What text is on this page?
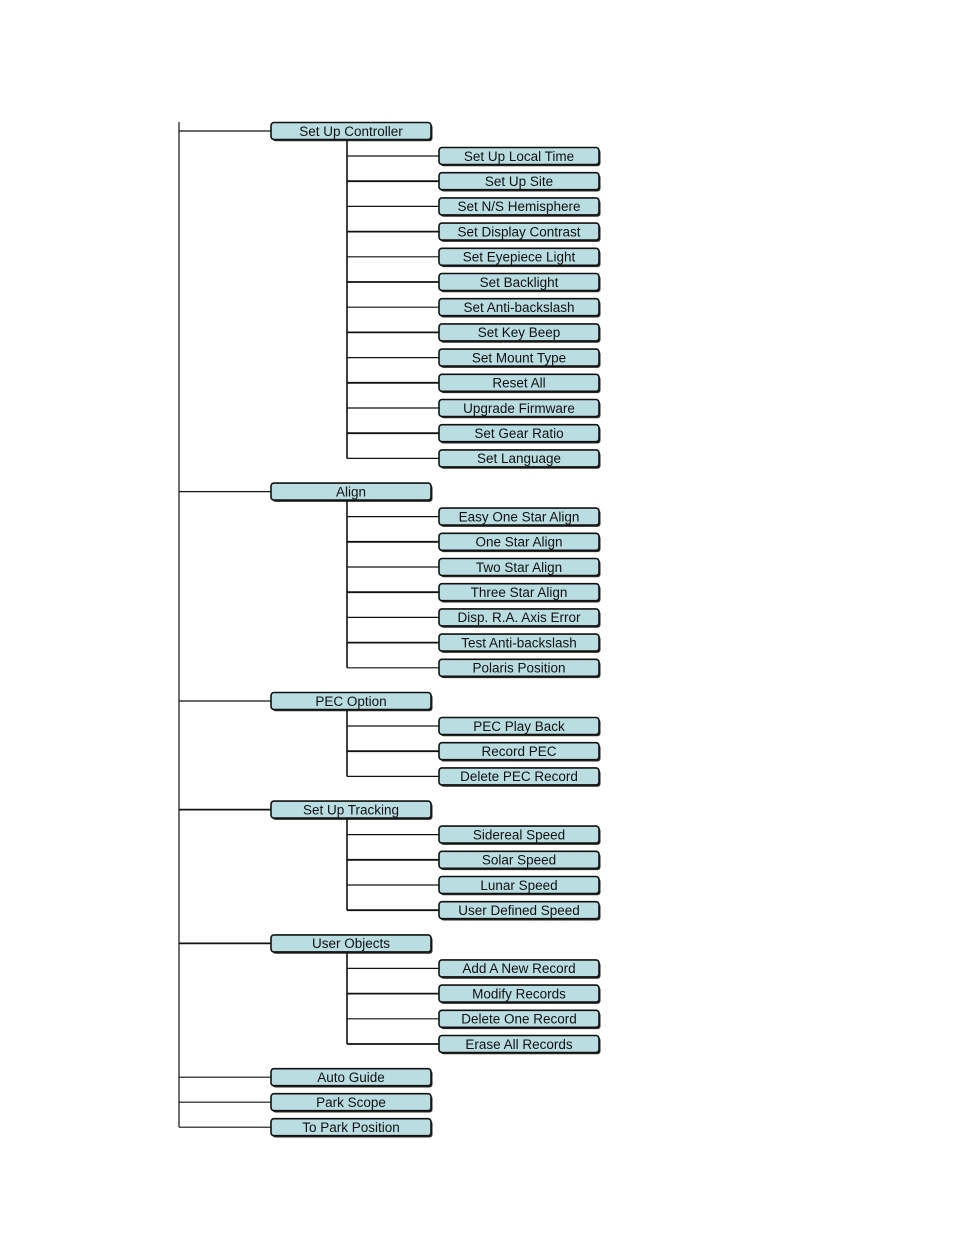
Set Up Controller
Set Up Local Time
Set Up Site
Set N/S Hemisphere
Set Display Contrast
Set Eyepiece Light
Set Backlight
Set Anti-backslash
Set Key Beep
Set Mount Type
Reset All
Upgrade Firmware
Set Gear Ratio
Set Language
Align
Easy One Star Align
One Star Align
Two Star Align
Three Star Align
Disp. R.A. Axis Error
Test Anti-backslash
Polaris Position
PEC Option
PEC Play Back
Record PEC
Delete PEC Record
Set Up Tracking
Sidereal Speed
Solar Speed
Lunar Speed
User Defined Speed
User Objects
Add A New Record
Modify Records
Delete One Record
Erase All Records
Auto Guide
Park Scope
To Park Position
